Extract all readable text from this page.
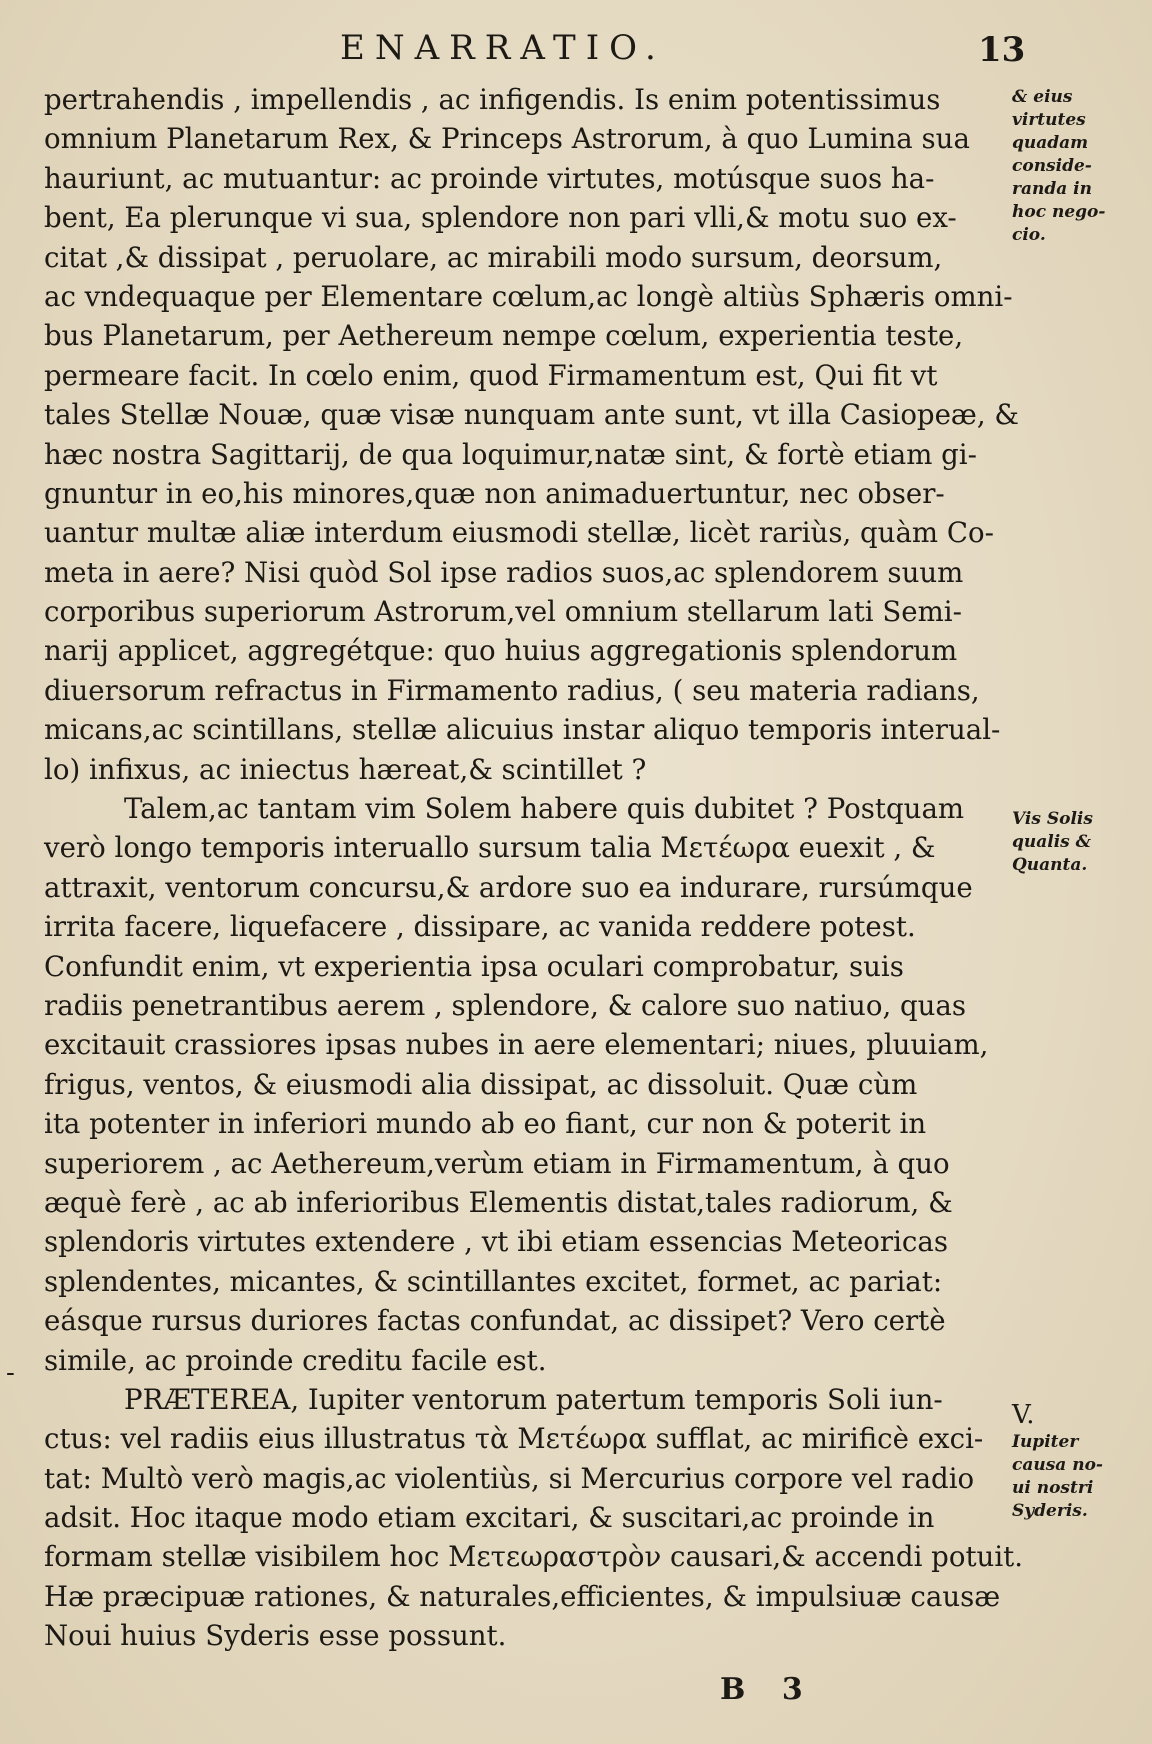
ENARRATIO.	13
pertrahendis , impellendis , ac infigendis. Is enim potentissimus
omnium Planetarum Rex, & Princeps Astrorum, à quo Lumina sua
hauriunt, ac mutuantur: ac proinde virtutes, motúsque suos ha-
bent, Ea plerunque vi sua, splendore non pari vlli,& motu suo ex-
citat ,& dissipat , peruolare, ac mirabili modo sursum, deorsum,
ac vndequaque per Elementare cœlum,ac longè altiùs Sphæris omni-
bus Planetarum, per Aethereum nempe cœlum, experientia teste,
permeare facit. In cœlo enim, quod Firmamentum est, Qui fit vt
tales Stellæ Nouæ, quæ visæ nunquam ante sunt, vt illa Casiopeæ, &
hæc nostra Sagittarij, de qua loquimur,natæ sint, & fortè etiam gi-
gnuntur in eo,his minores,quæ non animaduertuntur, nec obser-
uantur multæ aliæ interdum eiusmodi stellæ, licèt rariùs, quàm Co-
meta in aere? Nisi quòd Sol ipse radios suos,ac splendorem suum
corporibus superiorum Astrorum,vel omnium stellarum lati Semi-
narij applicet, aggregétque: quo huius aggregationis splendorum
diuersorum refractus in Firmamento radius, ( seu materia radians,
micans,ac scintillans, stellæ alicuius instar aliquo temporis interual-
lo) infixus, ac iniectus hæreat,& scintillet ?
Talem,ac tantam vim Solem habere quis dubitet ? Postquam
verò longo temporis interuallo sursum talia Μετέωρα euexit , &
attraxit, ventorum concursu,& ardore suo ea indurare, rursúmque
irrita facere, liquefacere , dissipare, ac vanida reddere potest.
Confundit enim, vt experientia ipsa oculari comprobatur, suis
radiis penetrantibus aerem , splendore, & calore suo natiuo, quas
excitauit crassiores ipsas nubes in aere elementari; niues, pluuiam,
frigus, ventos, & eiusmodi alia dissipat, ac dissoluit. Quæ cùm
ita potenter in inferiori mundo ab eo fiant, cur non & poterit in
superiorem , ac Aethereum,verùm etiam in Firmamentum, à quo
æquè ferè , ac ab inferioribus Elementis distat,tales radiorum, &
splendoris virtutes extendere , vt ibi etiam essencias Meteoricas
splendentes, micantes, & scintillantes excitet, formet, ac pariat:
eásque rursus duriores factas confundat, ac dissipet? Vero certè
simile, ac proinde creditu facile est.
PRÆTEREA, Iupiter ventorum patertum temporis Soli iun-
ctus: vel radiis eius illustratus τὰ Μετέωρα sufflat, ac mirificè exci-
tat: Multò verò magis,ac violentiùs, si Mercurius corpore vel radio
adsit. Hoc itaque modo etiam excitari, & suscitari,ac proinde in
formam stellæ visibilem hoc Μετεωραστρὸν causari,& accendi potuit.
Hæ præcipuæ rationes, & naturales,efficientes, & impulsiuæ causæ
Noui huius Syderis esse possunt.
& eius
virtutes
quadam
conside-
randa in
hoc nego-
cio.
Vis Solis
qualis &
Quanta.
V.
Iupiter
causa no-
ui nostri
Syderis.
-
B 3
